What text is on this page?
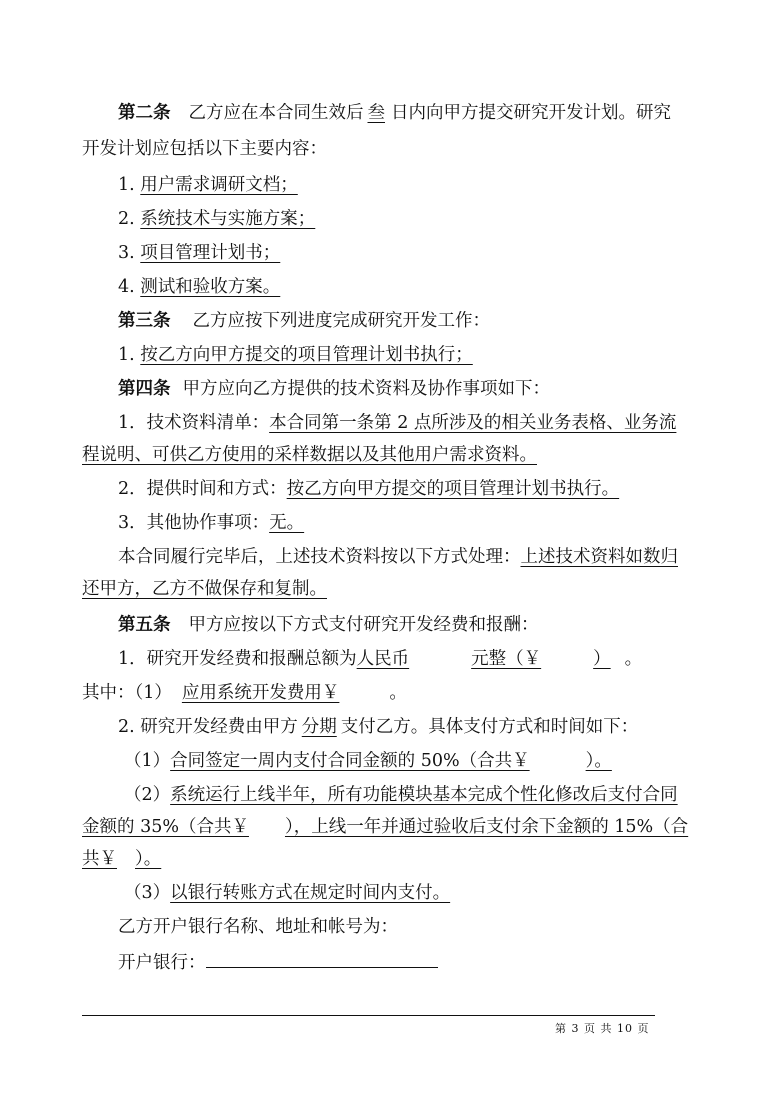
第二条 乙方应在本合同生效后 叁 日内向甲方提交研究开发计划。研究
开发计划应包括以下主要内容：
1. 用户需求调研文档；
2. 系统技术与实施方案；
3. 项目管理计划书；
4. 测试和验收方案。
第三条 乙方应按下列进度完成研究开发工作：
1. 按乙方向甲方提交的项目管理计划书执行；
第四条 甲方应向乙方提供的技术资料及协作事项如下：
1．技术资料清单：本合同第一条第 2 点所涉及的相关业务表格、业务流
程说明、可供乙方使用的采样数据以及其他用户需求资料。
2．提供时间和方式：按乙方向甲方提交的项目管理计划书执行。
3．其他协作事项：无。
本合同履行完毕后，上述技术资料按以下方式处理：上述技术资料如数归
还甲方，乙方不做保存和复制。
第五条 甲方应按以下方式支付研究开发经费和报酬：
1．研究开发经费和报酬总额为人民币	元整（￥	） 。
其中：（1） 应用系统开发费用￥	。
2. 研究开发经费由甲方 分期 支付乙方。具体支付方式和时间如下：
（1）合同签定一周内支付合同金额的 50%（合共￥	）。
（2）系统运行上线半年，所有功能模块基本完成个性化修改后支付合同
金额的 35%（合共￥ ），上线一年并通过验收后支付余下金额的 15%（合
共￥ ）。
（3）以银行转账方式在规定时间内支付。
乙方开户银行名称、地址和帐号为：
开户银行：
第 3 页 共 10 页
